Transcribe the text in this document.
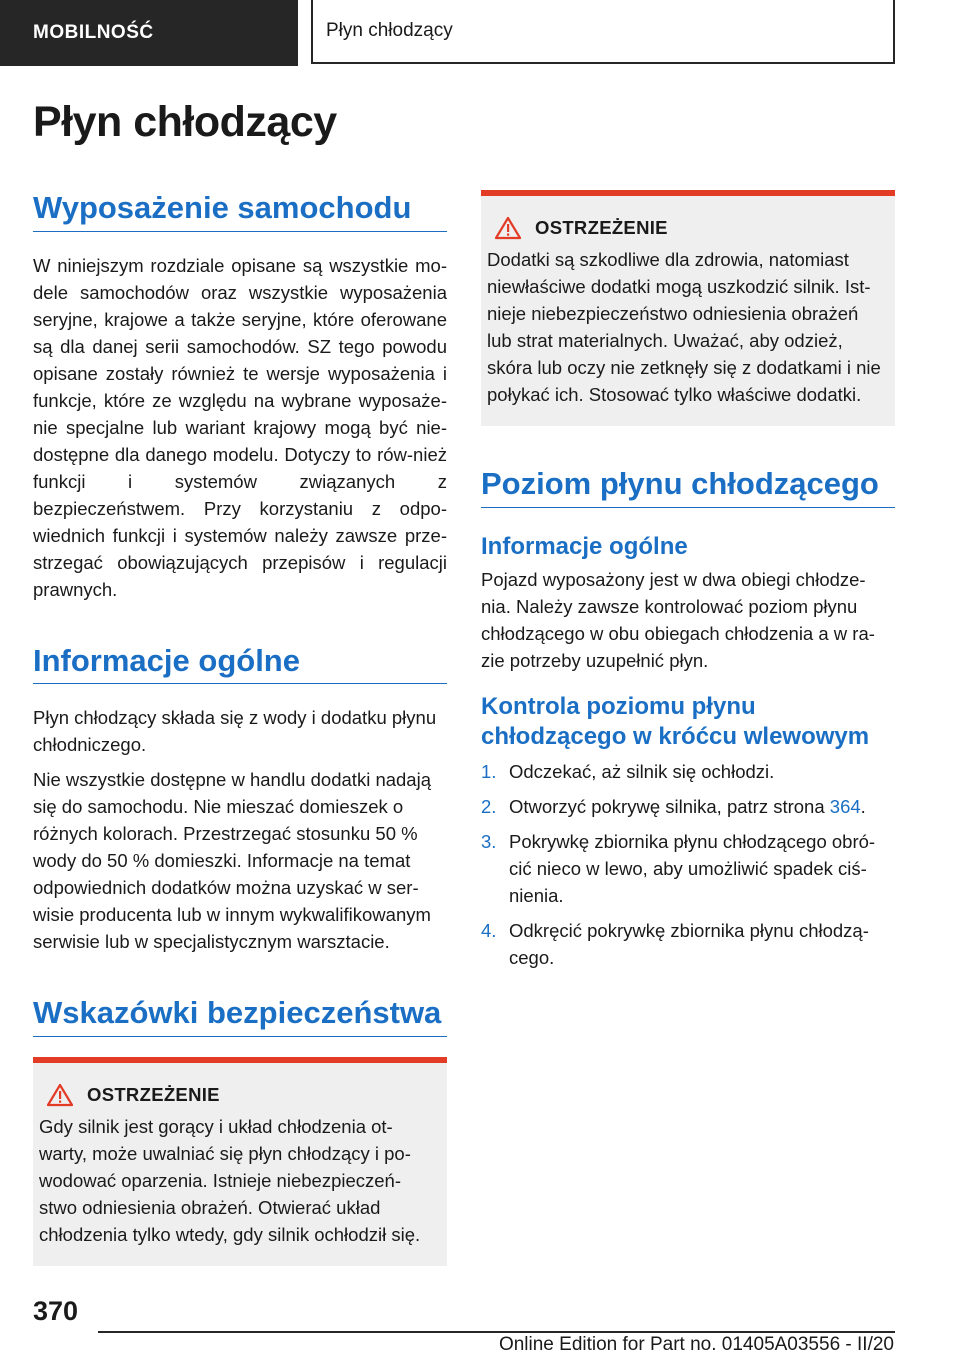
MOBILNOŚĆ	Płyn chłodzący
Płyn chłodzący
Wyposażenie samochodu

W niniejszym rozdziale opisane są wszystkie mo-dele samochodów oraz wszystkie wyposażenia seryjne, krajowe a także seryjne, które oferowane są dla danej serii samochodów. SZ tego powodu opisane zostały również te wersje wyposażenia i funkcje, które ze względu na wybrane wyposaże-nie specjalne lub wariant krajowy mogą być nie-dostępne dla danego modelu. Dotyczy to rów-nież funkcji i systemów związanych z bezpieczeństwem. Przy korzystaniu z odpo-wiednich funkcji i systemów należy zawsze prze-strzegać obowiązujących przepisów i regulacji prawnych.

Informacje ogólne

Płyn chłodzący składa się z wody i dodatku płynu chłodniczego.

Nie wszystkie dostępne w handlu dodatki nadają się do samochodu. Nie mieszać domieszek o różnych kolorach. Przestrzegać stosunku 50 % wody do 50 % domieszki. Informacje na temat odpowiednich dodatków można uzyskać w ser-wisie producenta lub w innym wykwalifikowanym serwisie lub w specjalistycznym warsztacie.

Wskazówki bezpieczeństwa
OSTRZEŻENIE

Gdy silnik jest gorący i układ chłodzenia ot-warty, może uwalniać się płyn chłodzący i po-wodować oparzenia. Istnieje niebezpieczeń-stwo odniesienia obrażeń. Otwierać układ chłodzenia tylko wtedy, gdy silnik ochłodził się.

OSTRZEŻENIE

Dodatki są szkodliwe dla zdrowia, natomiast niewłaściwe dodatki mogą uszkodzić silnik. Ist-nieje niebezpieczeństwo odniesienia obrażeń lub strat materialnych. Uważać, aby odzież, skóra lub oczy nie zetknęły się z dodatkami i nie połykać ich. Stosować tylko właściwe dodatki.

Poziom płynu chłodzącego
Informacje ogólne

Pojazd wyposażony jest w dwa obiegi chłodze-nia. Należy zawsze kontrolować poziom płynu chłodzącego w obu obiegach chłodzenia a w ra-zie potrzeby uzupełnić płyn.

Kontrola poziomu płynu chłodzącego w króćcu wlewowym
1. Odczekać, aż silnik się ochłodzi.
2. Otworzyć pokrywę silnika, patrz strona 364.
3. Pokrywkę zbiornika płynu chłodzącego obró-cić nieco w lewo, aby umożliwić spadek ciś-nienia.
4. Odkręcić pokrywkę zbiornika płynu chłodzą-cego.
370
Online Edition for Part no. 01405A03556 - II/20
